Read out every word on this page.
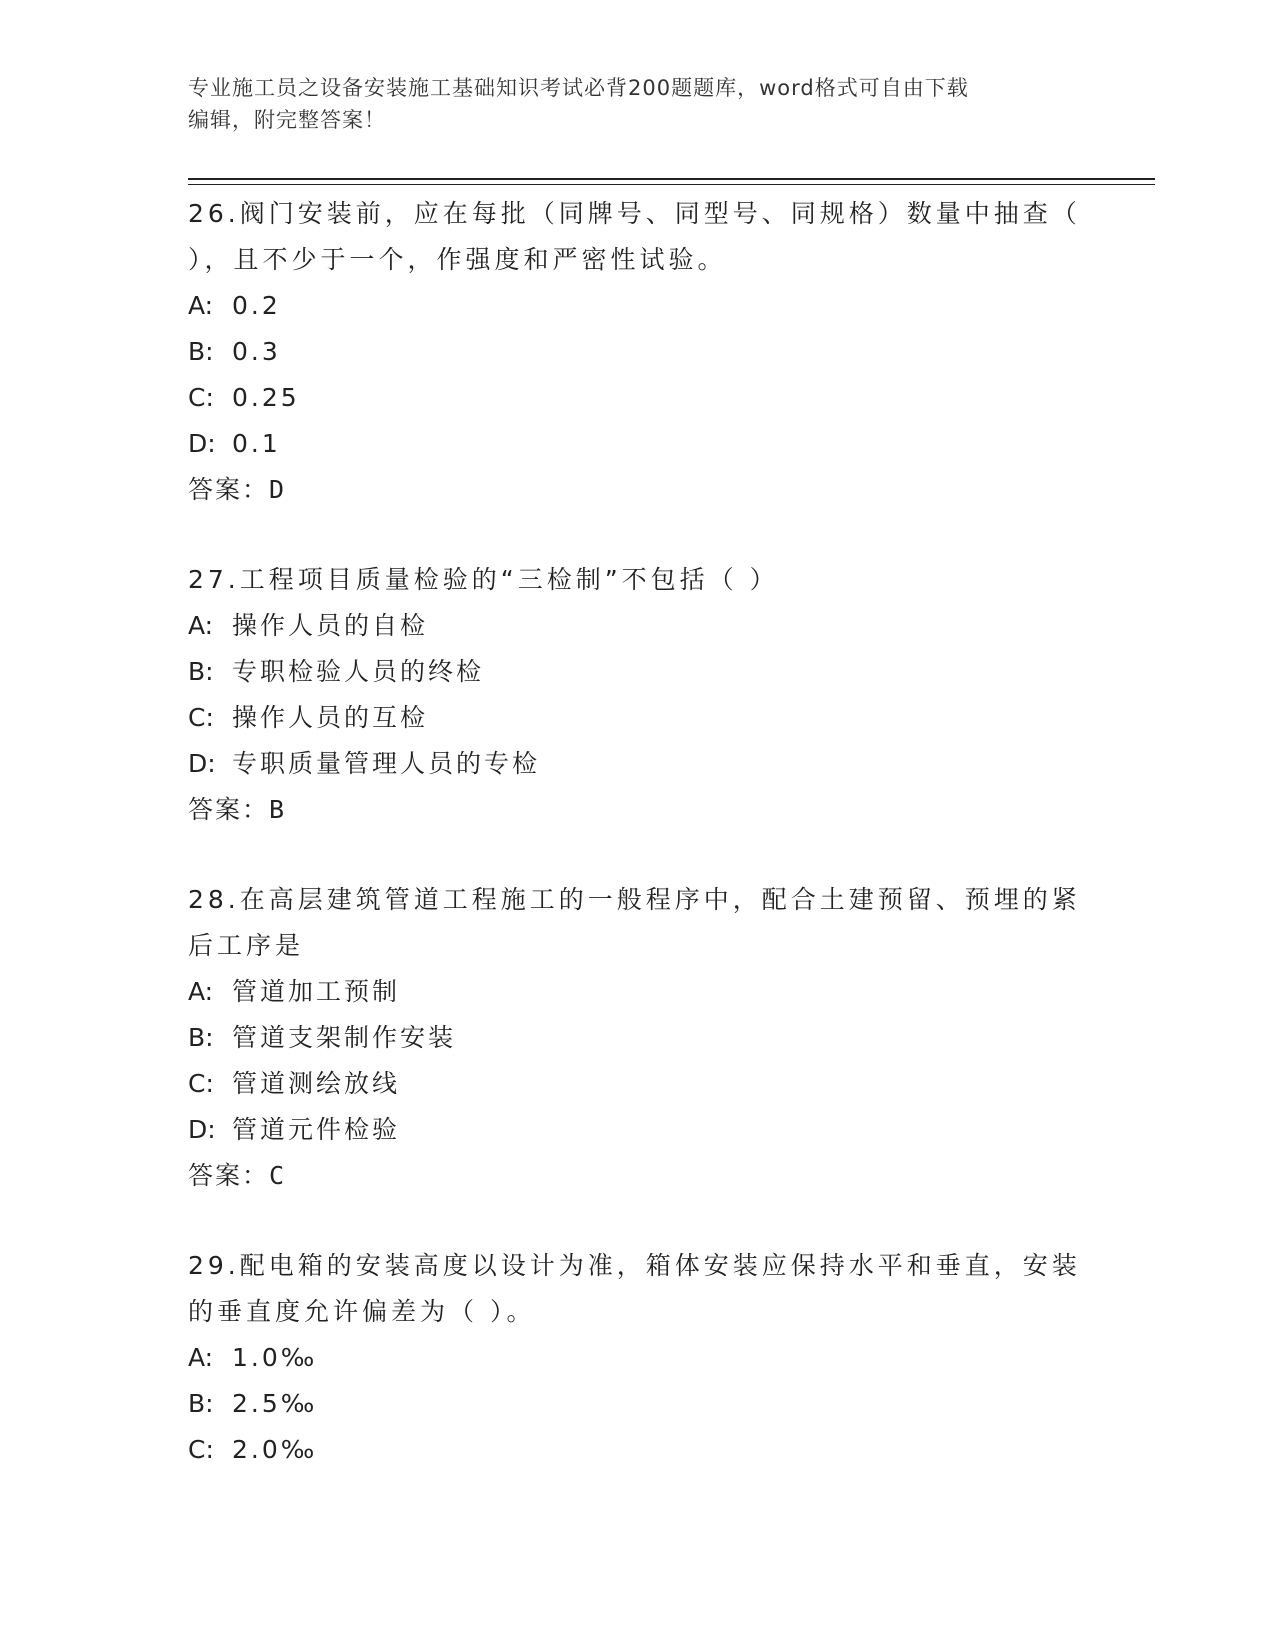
专业施工员之设备安装施工基础知识考试必背200题题库，word格式可自由下载
编辑，附完整答案！

26.阀门安装前，应在每批（同牌号、同型号、同规格）数量中抽查（

），且不少于一个，作强度和严密性试验。

A: 0.2

B: 0.3

C: 0.25

D: 0.1

答案：D

27.工程项目质量检验的“三检制”不包括（ ）

A: 操作人员的自检

B: 专职检验人员的终检

C: 操作人员的互检

D: 专职质量管理人员的专检

答案：B

28.在高层建筑管道工程施工的一般程序中，配合土建预留、预埋的紧

后工序是

A: 管道加工预制

B: 管道支架制作安装

C: 管道测绘放线

D: 管道元件检验

答案：C

29.配电箱的安装高度以设计为准，箱体安装应保持水平和垂直，安装

的垂直度允许偏差为（ ）。

A: 1.0‰

B: 2.5‰

C: 2.0‰
